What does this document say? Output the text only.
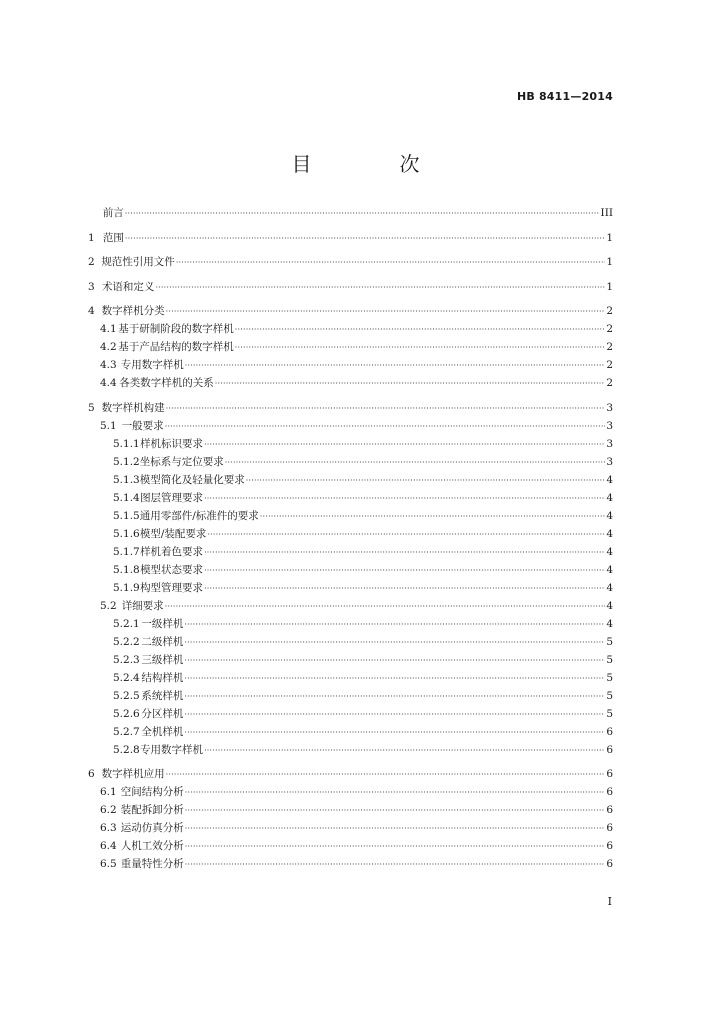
HB 8411—2014
目　次
前言 ·····	III
1 范围 ·····	1
2 规范性引用文件 ·····	1
3 术语和定义 ·····	1
4 数字样机分类 ·····	2
4.1 基于研制阶段的数字样机 ·····	2
4.2 基于产品结构的数字样机 ·····	2
4.3 专用数字样机 ·····	2
4.4 各类数字样机的关系 ·····	2
5 数字样机构建 ·····	3
5.1 一般要求 ·····	3
5.1.1 样机标识要求 ·····	3
5.1.2 坐标系与定位要求 ·····	3
5.1.3 模型简化及轻量化要求 ·····	4
5.1.4 图层管理要求 ·····	4
5.1.5 通用零部件/标准件的要求 ·····	4
5.1.6 模型/装配要求 ·····	4
5.1.7 样机着色要求 ·····	4
5.1.8 模型状态要求 ·····	4
5.1.9 构型管理要求 ·····	4
5.2 详细要求 ·····	4
5.2.1 一级样机 ·····	4
5.2.2 二级样机 ·····	5
5.2.3 三级样机 ·····	5
5.2.4 结构样机 ·····	5
5.2.5 系统样机 ·····	5
5.2.6 分区样机 ·····	5
5.2.7 全机样机 ·····	6
5.2.8 专用数字样机 ·····	6
6 数字样机应用 ·····	6
6.1 空间结构分析 ·····	6
6.2 装配拆卸分析 ·····	6
6.3 运动仿真分析 ·····	6
6.4 人机工效分析 ·····	6
6.5 重量特性分析 ·····	6
I
